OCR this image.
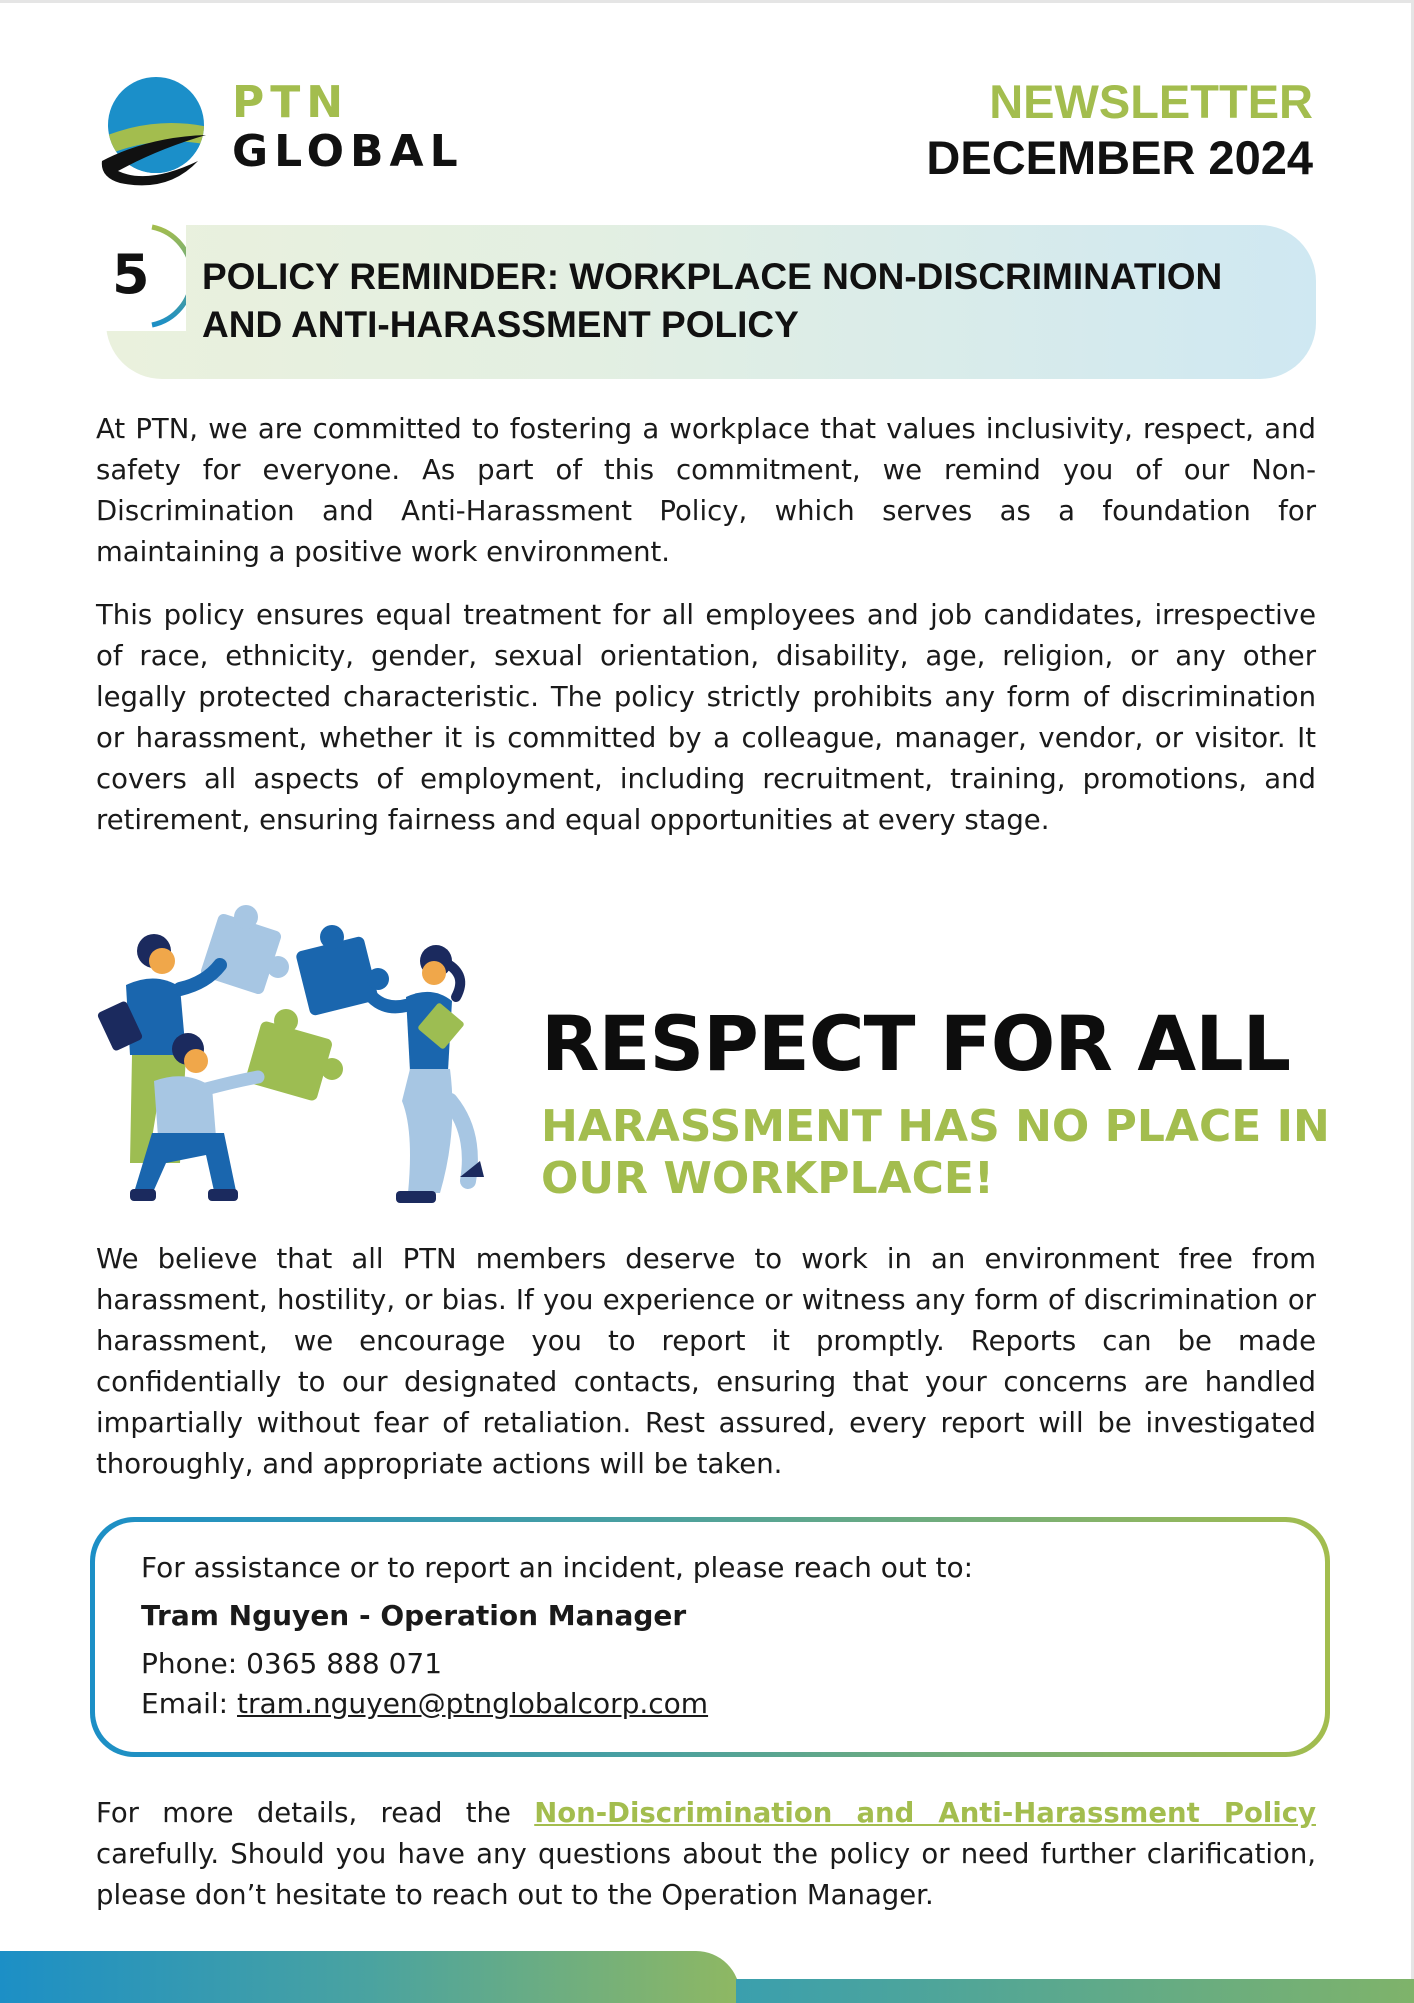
PTN
GLOBAL
NEWSLETTER
DECEMBER 2024
5 POLICY REMINDER: WORKPLACE NON-DISCRIMINATION
AND ANTI-HARASSMENT POLICY

At PTN, we are committed to fostering a workplace that values inclusivity, respect, and safety for everyone. As part of this commitment, we remind you of our Non-Discrimination and Anti-Harassment Policy, which serves as a foundation for maintaining a positive work environment.

This policy ensures equal treatment for all employees and job candidates, irrespective of race, ethnicity, gender, sexual orientation, disability, age, religion, or any other legally protected characteristic. The policy strictly prohibits any form of discrimination or harassment, whether it is committed by a colleague, manager, vendor, or visitor. It covers all aspects of employment, including recruitment, training, promotions, and retirement, ensuring fairness and equal opportunities at every stage.

RESPECT FOR ALL
HARASSMENT HAS NO PLACE IN
OUR WORKPLACE!

We believe that all PTN members deserve to work in an environment free from harassment, hostility, or bias. If you experience or witness any form of discrimination or harassment, we encourage you to report it promptly. Reports can be made confidentially to our designated contacts, ensuring that your concerns are handled impartially without fear of retaliation. Rest assured, every report will be investigated thoroughly, and appropriate actions will be taken.

For assistance or to report an incident, please reach out to:
Tram Nguyen - Operation Manager
Phone: 0365 888 071
Email: tram.nguyen@ptnglobalcorp.com

For more details, read the Non-Discrimination and Anti-Harassment Policy carefully. Should you have any questions about the policy or need further clarification, please don’t hesitate to reach out to the Operation Manager.
